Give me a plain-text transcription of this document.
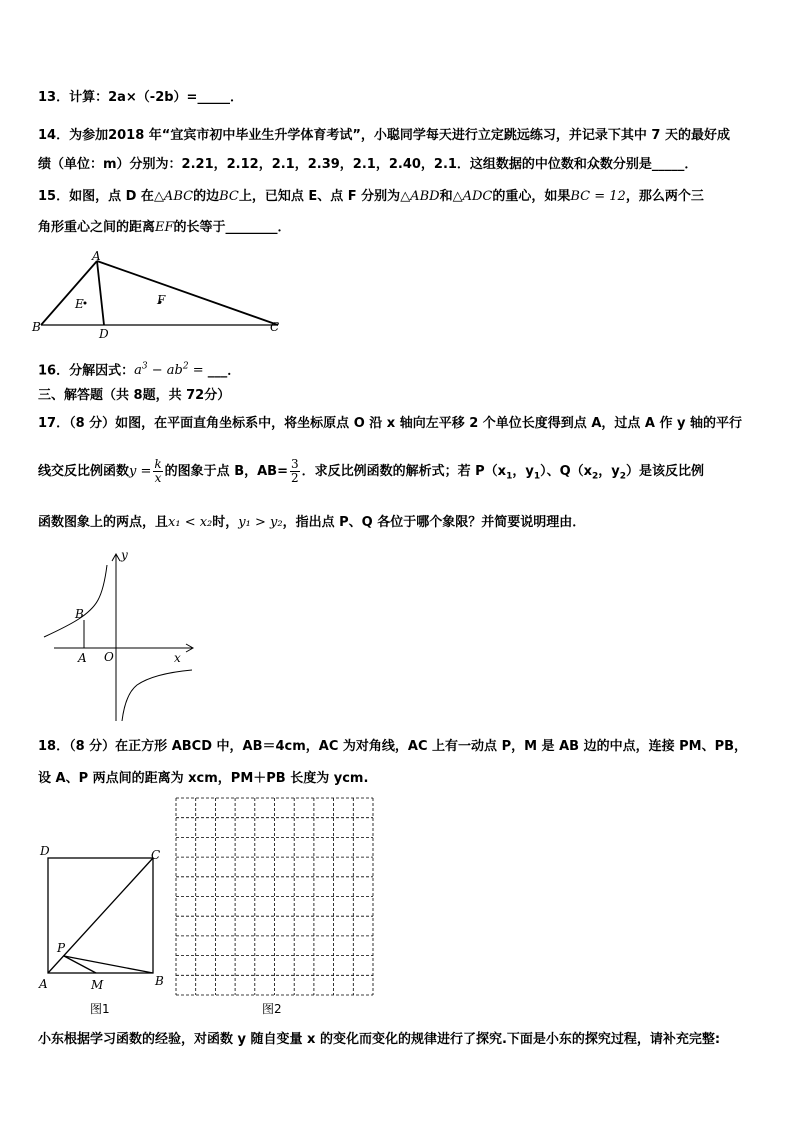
13．计算：2a×（-2b）=_____．
14．为参加2018 年“宜宾市初中毕业生升学体育考试”，小聪同学每天进行立定跳远练习，并记录下其中 7 天的最好成
绩（单位：m）分别为：2.21，2.12，2.1，2.39，2.1，2.40，2.1．这组数据的中位数和众数分别是_____．
15．如图，点 D 在△ABC的边BC上，已知点 E、点 F 分别为△ABD和△ADC的重心，如果BC = 12，那么两个三
角形重心之间的距离EF的长等于________．
A
B	C
D
E	F
16．分解因式：$a^3 - ab^2$ = ___．
三、解答题（共 8题，共 72分）
17．（8 分）如图，在平面直角坐标系中，将坐标原点 O 沿 x 轴向左平移 2 个单位长度得到点 A，过点 A 作 y 轴的平行
线交反比例函数$y = \frac{k}{x}$ 的图象于点 B，$AB= \frac{3}{2}$ ．求反比例函数的解析式；若 $P(x_1$，$y_1$）、$Q(x_2$，$y_2$）是该反比例
函数图象上的两点，且x₁ < x₂时，y₁ > y₂，指出点 P、Q 各位于哪个象限？并简要说明理由．
y
x
O
A
B
18．（8 分）在正方形 ABCD 中，AB＝4cm，AC 为对角线，AC 上有一动点 P，M 是 AB 边的中点，连接 PM、PB，
设 A、P 两点间的距离为 xcm，PM＋PB 长度为 ycm.
D	C
A	B
P
M
图1	图2
小东根据学习函数的经验，对函数 y 随自变量 x 的变化而变化的规律进行了探究.下面是小东的探究过程，请补充完整:
